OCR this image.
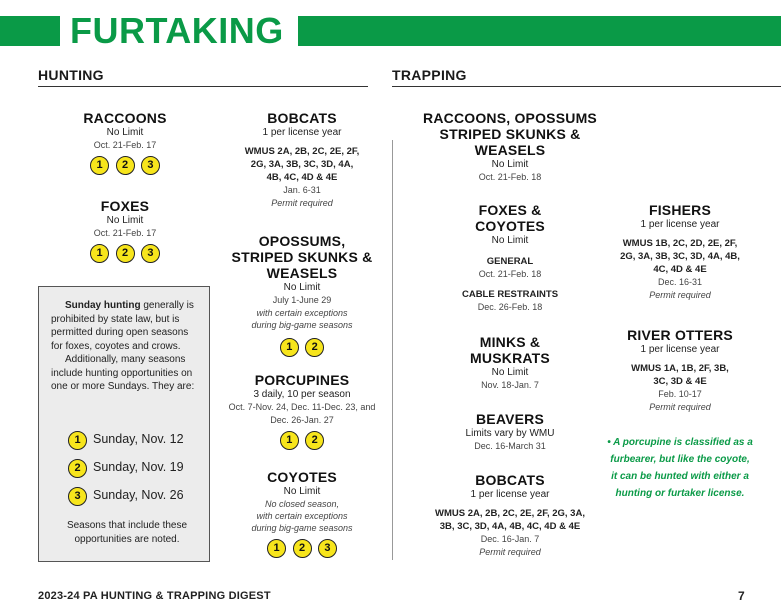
FURTAKING
HUNTING	TRAPPING
RACCOONS
No Limit
Oct. 21-Feb. 17
1 2 3
FOXES
No Limit
Oct. 21-Feb. 17
1 2 3

Sunday hunting generally is prohibited by state law, but is permitted during open seasons for foxes, coyotes and crows.

Additionally, many seasons include hunting opportunities on one or more Sundays. They are:

1 Sunday, Nov. 12
2 Sunday, Nov. 19
3 Sunday, Nov. 26

Seasons that include these opportunities are noted.

BOBCATS
1 per license year
WMUS 2A, 2B, 2C, 2E, 2F,
2G, 3A, 3B, 3C, 3D, 4A,
4B, 4C, 4D & 4E
Jan. 6-31
Permit required
OPOSSUMS,
STRIPED SKUNKS &
WEASELS
No Limit
July 1-June 29
with certain exceptions
during big-game seasons
1 2
PORCUPINES
3 daily, 10 per season
Oct. 7-Nov. 24, Dec. 11-Dec. 23, and
Dec. 26-Jan. 27
1 2
COYOTES
No Limit
No closed season,
with certain exceptions
during big-game seasons
1 2 3
RACCOONS, OPOSSUMS
STRIPED SKUNKS &
WEASELS
No Limit
Oct. 21-Feb. 18
FOXES &
COYOTES
No Limit
GENERAL
Oct. 21-Feb. 18
CABLE RESTRAINTS
Dec. 26-Feb. 18
MINKS &
MUSKRATS
No Limit
Nov. 18-Jan. 7
BEAVERS
Limits vary by WMU
Dec. 16-March 31
BOBCATS
1 per license year
WMUS 2A, 2B, 2C, 2E, 2F, 2G, 3A,
3B, 3C, 3D, 4A, 4B, 4C, 4D & 4E
Dec. 16-Jan. 7
Permit required
FISHERS
1 per license year
WMUS 1B, 2C, 2D, 2E, 2F,
2G, 3A, 3B, 3C, 3D, 4A, 4B,
4C, 4D & 4E
Dec. 16-31
Permit required
RIVER OTTERS
1 per license year
WMUS 1A, 1B, 2F, 3B,
3C, 3D & 4E
Feb. 10-17
Permit required
• A porcupine is classified as a
furbearer, but like the coyote,
it can be hunted with either a
hunting or furtaker license.
2023-24 PA HUNTING & TRAPPING DIGEST	7
